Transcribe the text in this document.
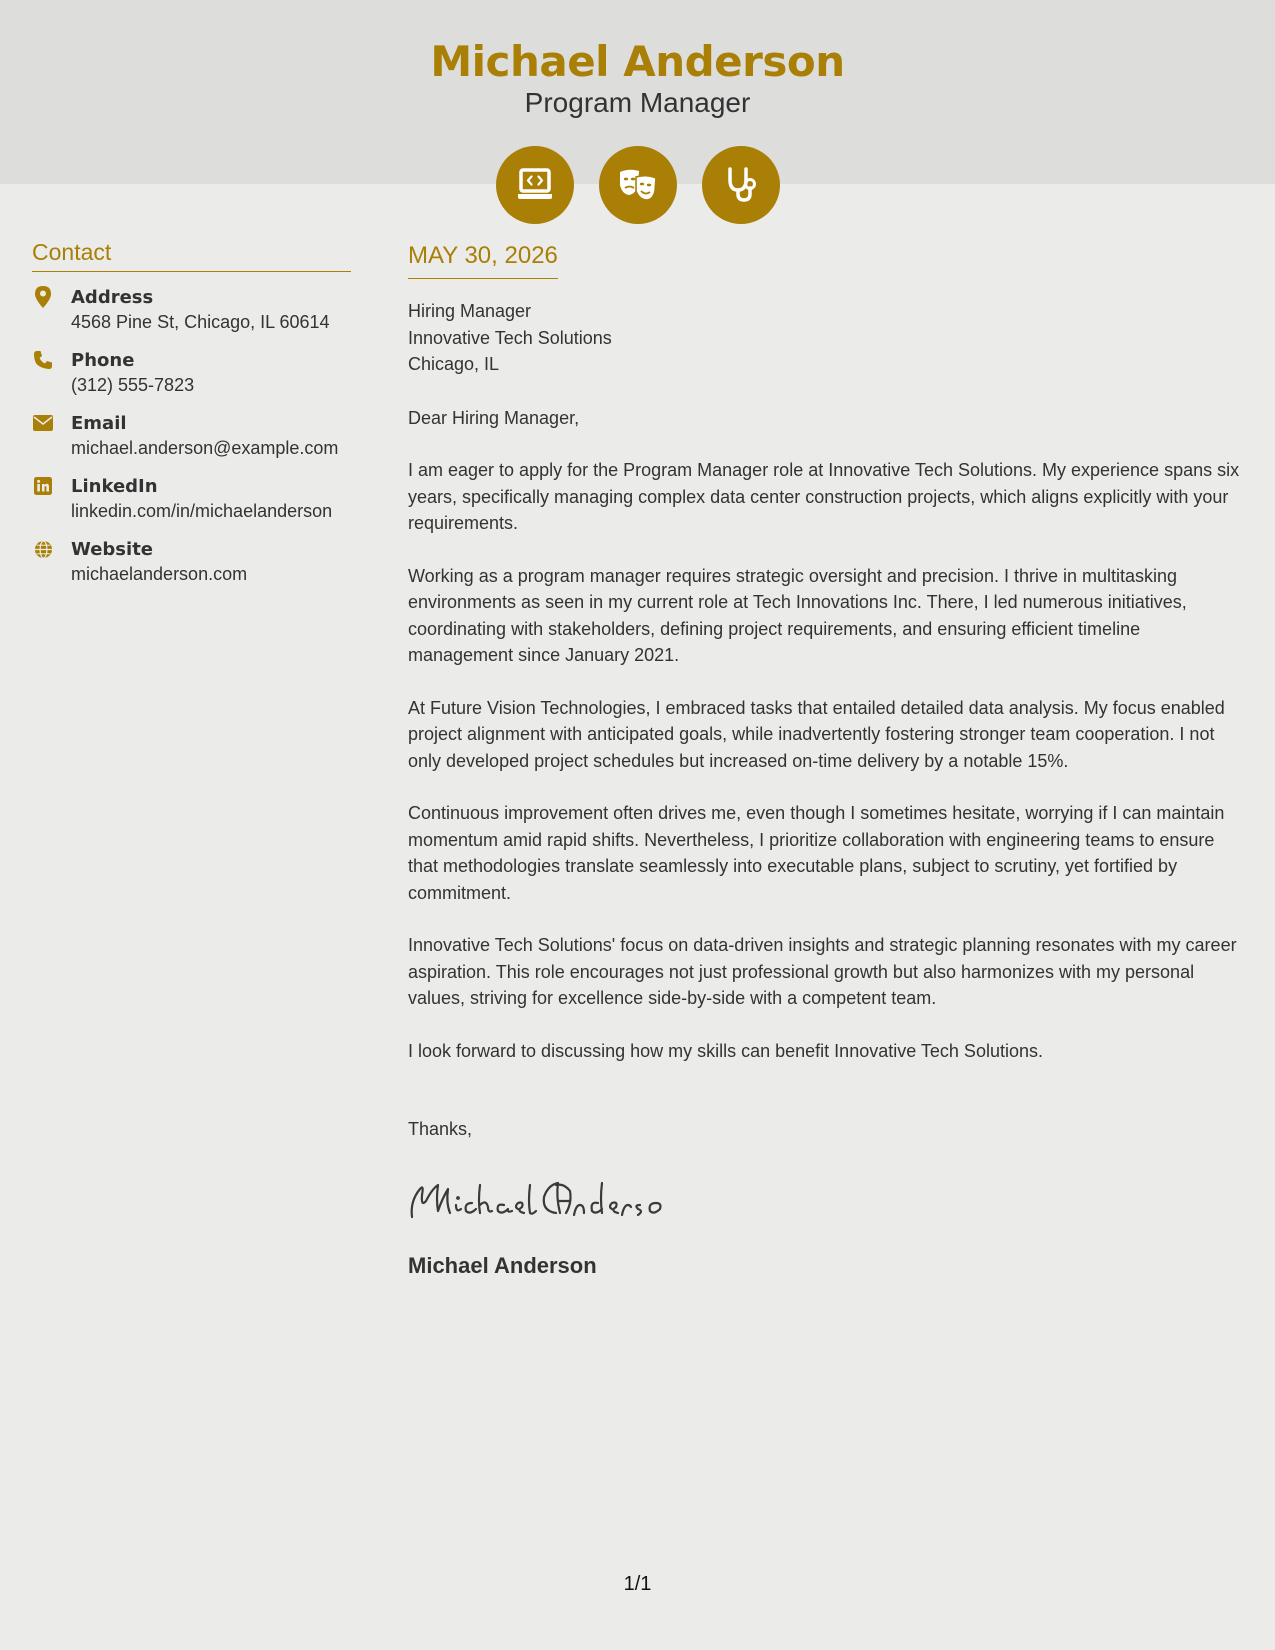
Michael Anderson
Program Manager
Contact
Address
4568 Pine St, Chicago, IL 60614
Phone
(312) 555-7823
Email
michael.anderson@example.com
LinkedIn
linkedin.com/in/michaelanderson
Website
michaelanderson.com
MAY 30, 2026
Hiring Manager
Innovative Tech Solutions
Chicago, IL
Dear Hiring Manager,
I am eager to apply for the Program Manager role at Innovative Tech Solutions. My experience spans six years, specifically managing complex data center construction projects, which aligns explicitly with your requirements.
Working as a program manager requires strategic oversight and precision. I thrive in multitasking environments as seen in my current role at Tech Innovations Inc. There, I led numerous initiatives, coordinating with stakeholders, defining project requirements, and ensuring efficient timeline management since January 2021.
At Future Vision Technologies, I embraced tasks that entailed detailed data analysis. My focus enabled project alignment with anticipated goals, while inadvertently fostering stronger team cooperation. I not only developed project schedules but increased on-time delivery by a notable 15%.
Continuous improvement often drives me, even though I sometimes hesitate, worrying if I can maintain momentum amid rapid shifts. Nevertheless, I prioritize collaboration with engineering teams to ensure that methodologies translate seamlessly into executable plans, subject to scrutiny, yet fortified by commitment.
Innovative Tech Solutions' focus on data-driven insights and strategic planning resonates with my career aspiration. This role encourages not just professional growth but also harmonizes with my personal values, striving for excellence side-by-side with a competent team.
I look forward to discussing how my skills can benefit Innovative Tech Solutions.
Thanks,
Michael Anderson
1/1
